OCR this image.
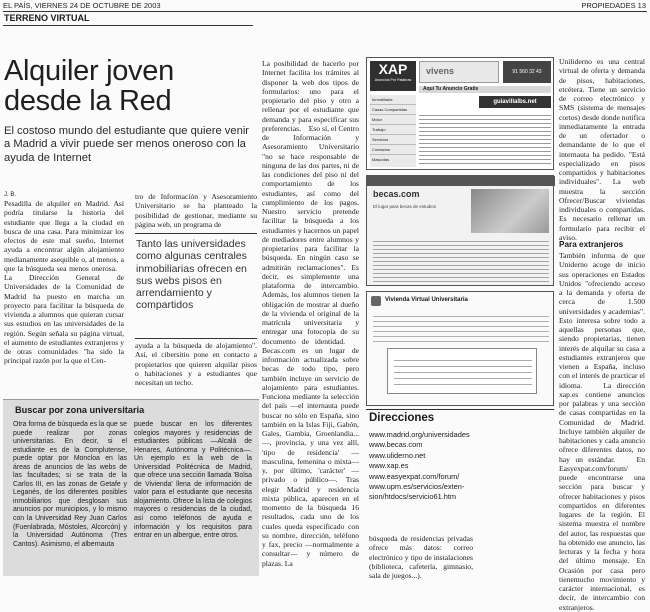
EL PAÍS, VIERNES 24 DE OCTUBRE DE 2003	PROPIEDADES 13
TERRENO VIRTUAL
Alquiler joven
desde la Red
El costoso mundo del estudiante que quiere venir a Madrid a vivir puede ser menos oneroso con la ayuda de Internet
J. B.
Pesadilla de alquiler en Madrid. Así podría titularse la historia del estudiante que llega a la ciudad en busca de una casa. Para minimizar los efectos de este mal sueño, Internet ayuda a encontrar algún alojamiento medianamente asequible o, al menos, a que la búsqueda sea menos onerosa.    La Dirección General de Universidades de la Comunidad de Madrid ha puesto en marcha un proyecto para facilitar la búsqueda de vivienda a alumnos que quieran cursar sus estudios en las universidades de la región. Según señala su página virtual, el aumento de estudiantes extranjeros y de otras comunidades "ha sido la principal razón por la que el Cen-
tro de Información y Asesoramiento Universitario se ha planteado la posibilidad de gestionar, mediante su página web, un programa de
Tanto las universidades como algunas centrales inmobiliarias ofrecen en sus webs pisos en arrendamiento y compartidos
ayuda a la búsqueda de alojamiento". Así, el cibersitio pone en contacto a propietarios que quieren alquilar pisos o habitaciones y a estudiantes que necesitan un techo.
Buscar por zona universitaria
Otra forma de búsqueda es la que se puede realizar por zonas universitarias. En decir, si el estudiante es de la Complutense, puede optar por Moncloa en las áreas de anuncios de las webs de las facultades; si se trata de la Carlos III, en las zonas de Getafe y Leganés, de los diferentes posibles inmobiliarios que desglosan sus anuncios por municipios, y lo mismo con la Universidad Rey Juan Carlos (Fuenlabrada, Móstoles, Alcorcón) y la Universidad Autónoma (Tres Cantos). Asimismo, el albernauta
puede buscar en los diferentes colegios mayores y residencias de estudiantes públicas —Alcalá de Henares, Autónoma y Politécnica—. Un ejemplo es la web de la Universidad Politécnica de Madrid, que ofrece una sección llamada 'Bolsa de Vivienda' llena de información de valor para el estudiante que necesita alojamiento. Ofrece la lista de colegios mayores o residencias de la ciudad, así como teléfonos de ayuda e información y los requisitos para entrar en un albergue, entre otros.
La posibilidad de hacerlo por Internet facilita los trámites al disponer la web dos tipos de formularios: uno para el propietario del piso y otro a rellenar por el estudiante que demanda y para especificar sus preferencias.    Eso sí, el Centro de Información y Asesoramiento Universitario "no se hace responsable de ninguna de las dos partes, ni de las condiciones del piso ni del comportamiento de los estudiantes, así como del cumplimiento de los pagos. Nuestro servicio pretende facilitar la búsqueda a los estudiantes y hacernos un papel de mediadores entre alumnos y propietarios para facilitar la búsqueda. En ningún caso se admitirán reclamaciones". Es decir, es simplemente una plataforma de intercambio. Además, los alumnos tienen la obligación de mostrar al dueño de la vivienda el original de la matrícula universitaria y entregar una fotocopia de su documento de identidad.    Becas.com es un lugar de información actualizada sobre becas de todo tipo, pero también incluye un servicio de alojamiento para estudiantes. Funciona mediante la selección del país —el internauta puede buscar no sólo en España, sino también en la Islas Fiji, Gabón, Gales, Gambia, Groenlandia...—, provincia, y una vez allí, 'tipo de residencia' —masculina, femenina o mixta— y, por último, 'carácter' —privado o público—. Tras elegir Madrid y residencia mixta pública, aparecen en el momento de la búsqueda 16 resultados, cada uno de los cuales queda especificado con su nombre, dirección, teléfono y fax, precio —normalmente a consultar— y número de plazas. La
XAP
Anuncios Por Palabras
vivens	91 560 32 43
Aquí Tu Anuncio Gratis
Inmobiliaria
Casas Compartidas
Motor
Trabajo
Servicios
Contactos
Mascotas
guiavillalbs.net
becas.com
El lugar para becas de estudios
Vivienda Virtual Universitaria
Direcciones
www.madrid.org/universidades
www.becas.com
www.uliderno.net
www.xap.es
www.easyexpat.com/forum/
www.upm.es/servicios/exten-
sion/htdocs/servicio61.htm
búsqueda de residencias privadas ofrece más datos: correo electrónico y tipo de instalaciones (biblioteca, cafetería, gimnasio, sala de juegos...).
Uniliderno es una central virtual de oferta y demanda de pisos, habitaciones, etcétera. Tiene un servicio de correo electrónico y SMS (sistema de mensajes cortos) desde donde notifica inmediatamente la entrada de un ofertador o demandante de lo que el internauta ha pedido. "Está especializado en pisos compartidos y habitaciones individuales". La web muestra la sección Ofrecer/Buscar viviendas individuales o compartidas. Es necesario rellenar un formulario para recibir el aviso.
Para extranjeros
También informa de que Uniderno acoge de inicio sus operaciones en Estados Unidos "ofreciendo acceso a la demanda y oferta de cerca de 1.500 universidades y academias". Esto interesa sobre todo a aquellas personas que, siendo propietarias, tienen interés de alquilar su casa a estudiantes extranjeros que vienen a España, incluso con el interés de practicar el idioma.    La dirección xap.es contiene anuncios por palabras y una sección de casas compartidas en la Comunidad de Madrid. Incluye también alquiler de habitaciones y cada anuncio ofrece diferentes datos, no hay un estándar.    En Easyexpat.com/forum/ puede encontrarse una sección para buscar y ofrecer habitaciones y pisos compartidos en diferentes lugares de la región. El sistema muestra el nombre del autor, las respuestas que ha obtenido ese anuncio, las lecturas y la fecha y hora del último mensaje. En Ocasión por casa pero tienemucho movimiento y carácter internacional, es decir, de intercambio con extranjeros.
